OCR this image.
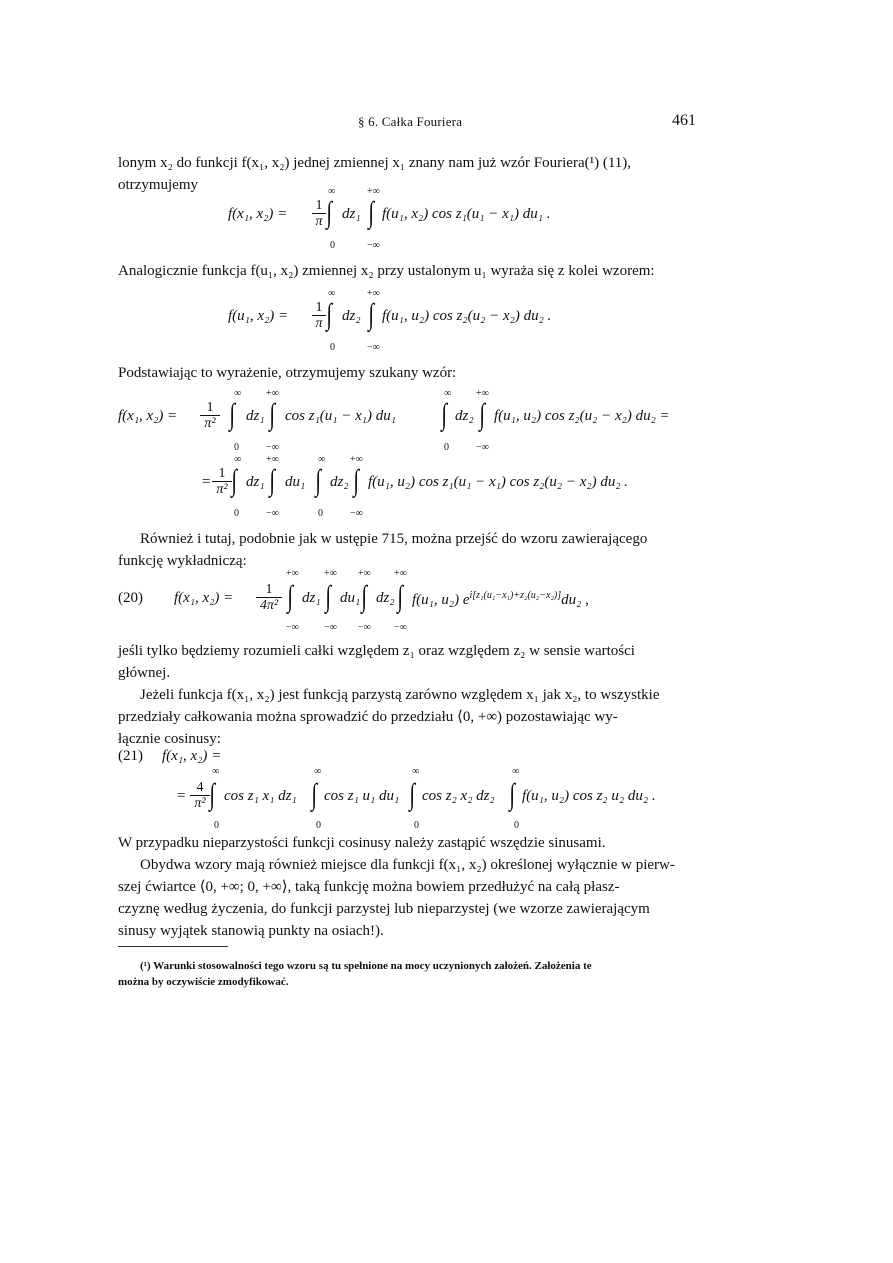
§ 6. Całka Fouriera	461
lonym x₂ do funkcji f(x₁, x₂) jednej zmiennej x₁ znany nam już wzór Fouriera(¹) (11),
otrzymujemy
f(x₁, $x_2) = \frac{1}{\pi}$
∞
∫
0
dz₁
+∞
∫
−∞
f(u₁, x₂) cos z₁(u₁ − x₁) du₁ .
Analogicznie funkcja f(u₁, x₂) zmiennej x₂ przy ustalonym u₁ wyraża się z kolei wzorem:
f(u₁, $x_2) = \frac{1}{\pi}$
∞
∫
0
dz₂
+∞
∫
−∞
f(u₁, u₂) cos z₂(u₂ − x₂) du₂ .
Podstawiając to wyrażenie, otrzymujemy szukany wzór:
f(x₁, $x_2) = \frac{1}{\text{π²}}$
∞
∫
0
dz₁
+∞
∫
−∞
cos z₁(u₁ − x₁) du₁
∞
∫
0
dz₂
+∞
∫
−∞
f(u₁, u₂) cos z₂(u₂ − x₂) du₂ =
= $\frac{1}{\text{π²}}$
∞
∫
0
dz₁
+∞
∫
−∞
du₁
∞
∫
0
dz₂
+∞
∫
−∞
f(u₁, u₂) cos z₁(u₁ − x₁) cos z₂(u₂ − x₂) du₂ .
Również i tutaj, podobnie jak w ustępie 715, można przejść do wzoru zawierającego
funkcję wykładniczą:
(20) f(x₁, $x_2) = \frac{1}{\text{4π²}}$
+∞
∫
−∞
dz₁
+∞
∫
−∞
du₁
+∞
∫
−∞
dz₂
+∞
∫
−∞
f(u₁, u₂) $e^{i[z_1(u_1-x_1)+z_2(u_2-x_2)]}du_2$ ,
jeśli tylko będziemy rozumieli całki względem z₁ oraz względem z₂ w sensie wartości
głównej.
Jeżeli funkcja f(x₁, x₂) jest funkcją parzystą zarówno względem x₁ jak x₂, to wszystkie
przedziały całkowania można sprowadzić do przedziału ⟨0, +∞) pozostawiając wy-
łącznie cosinusy:
(21) f(x₁, x₂) =
= $\frac{4}{\text{π²}}$
∞
∫
0
cos z₁ x₁ dz₁
∞
∫
0
cos z₁ u₁ du₁
∞
∫
0
cos z₂ x₂ dz₂
∞
∫
0
f(u₁, u₂) cos z₂ u₂ du₂ .
W przypadku nieparzystości funkcji cosinusy należy zastąpić wszędzie sinusami.
Obydwa wzory mają również miejsce dla funkcji f(x₁, x₂) określonej wyłącznie w pierw-
szej ćwiartce ⟨0, +∞; 0, +∞⟩, taką funkcję można bowiem przedłużyć na całą płasz-
czyznę według życzenia, do funkcji parzystej lub nieparzystej (we wzorze zawierającym
sinusy wyjątek stanowią punkty na osiach!).
(¹) Warunki stosowalności tego wzoru są tu spełnione na mocy uczynionych założeń. Założenia te
można by oczywiście zmodyfikować.
